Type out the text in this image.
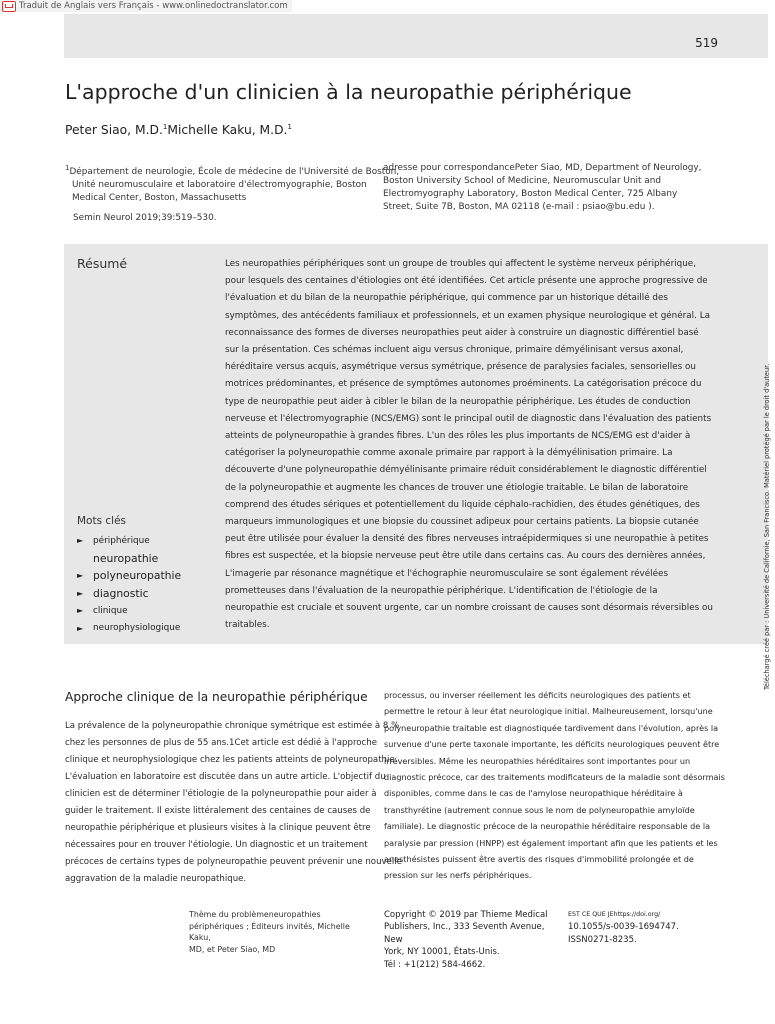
Traduit de Anglais vers Français - www.onlinedoctranslator.com
519
L'approche d'un clinicien à la neuropathie périphérique
Peter Siao, M.D.$^1$Michelle Kaku, M.D.$^1$
$^1$Département de neurologie, École de médecine de l'Université de Boston,
Unité neuromusculaire et laboratoire d'électromyographie, Boston
Medical Center, Boston, Massachusetts
Semin Neurol 2019;39:519–530.
adresse pour correspondancePeter Siao, MD, Department of Neurology,
Boston University School of Medicine, Neuromuscular Unit and
Electromyography Laboratory, Boston Medical Center, 725 Albany
Street, Suite 7B, Boston, MA 02118 (e-mail : psiao@bu.edu ).
Résumé	Les neuropathies périphériques sont un groupe de troubles qui affectent le système nerveux périphérique,
pour lesquels des centaines d'étiologies ont été identifiées. Cet article présente une approche progressive de
l'évaluation et du bilan de la neuropathie périphérique, qui commence par un historique détaillé des
symptômes, des antécédents familiaux et professionnels, et un examen physique neurologique et général. La
reconnaissance des formes de diverses neuropathies peut aider à construire un diagnostic différentiel basé
sur la présentation. Ces schémas incluent aigu versus chronique, primaire démyélinisant versus axonal,
héréditaire versus acquis, asymétrique versus symétrique, présence de paralysies faciales, sensorielles ou
motrices prédominantes, et présence de symptômes autonomes proéminents. La catégorisation précoce du
type de neuropathie peut aider à cibler le bilan de la neuropathie périphérique. Les études de conduction
nerveuse et l'électromyographie (NCS/EMG) sont le principal outil de diagnostic dans l'évaluation des patients
atteints de polyneuropathie à grandes fibres. L'un des rôles les plus importants de NCS/EMG est d'aider à
catégoriser la polyneuropathie comme axonale primaire par rapport à la démyélinisation primaire. La
découverte d'une polyneuropathie démyélinisante primaire réduit considérablement le diagnostic différentiel
de la polyneuropathie et augmente les chances de trouver une étiologie traitable. Le bilan de laboratoire
comprend des études sériques et potentiellement du liquide céphalo-rachidien, des études génétiques, des
marqueurs immunologiques et une biopsie du coussinet adipeux pour certains patients. La biopsie cutanée
peut être utilisée pour évaluer la densité des fibres nerveuses intraépidermiques si une neuropathie à petites
fibres est suspectée, et la biopsie nerveuse peut être utile dans certains cas. Au cours des dernières années,
L'imagerie par résonance magnétique et l'échographie neuromusculaire se sont également révélées
prometteuses dans l'évaluation de la neuropathie périphérique. L'identification de l'étiologie de la
neuropathie est cruciale et souvent urgente, car un nombre croissant de causes sont désormais réversibles ou
traitables.
Mots clés
►	périphérique
neuropathie
► polyneuropathie
► diagnostic
►	clinique
►	neurophysiologique	Téléchargé créé par : Université de Californie, San Francisco. Matériel protégé par le droit d'auteur.
Approche clinique de la neuropathie périphérique
La prévalence de la polyneuropathie chronique symétrique est estimée à 8 %
chez les personnes de plus de 55 ans.1Cet article est dédié à l'approche
clinique et neurophysiologique chez les patients atteints de polyneuropathie.
L'évaluation en laboratoire est discutée dans un autre article. L'objectif du
clinicien est de déterminer l'étiologie de la polyneuropathie pour aider à
guider le traitement. Il existe littéralement des centaines de causes de
neuropathie périphérique et plusieurs visites à la clinique peuvent être
nécessaires pour en trouver l'étiologie. Un diagnostic et un traitement
précoces de certains types de polyneuropathie peuvent prévenir une nouvelle
aggravation de la maladie neuropathique.
processus, ou inverser réellement les déficits neurologiques des patients et
permettre le retour à leur état neurologique initial. Malheureusement, lorsqu'une
polyneuropathie traitable est diagnostiquée tardivement dans l'évolution, après la
survenue d'une perte taxonale importante, les déficits neurologiques peuvent être
irréversibles. Même les neuropathies héréditaires sont importantes pour un
diagnostic précoce, car des traitements modificateurs de la maladie sont désormais
disponibles, comme dans le cas de l'amylose neuropathique héréditaire à
transthyrétine (autrement connue sous le nom de polyneuropathie amyloïde
familiale). Le diagnostic précoce de la neuropathie héréditaire responsable de la
paralysie par pression (HNPP) est également important afin que les patients et les
anesthésistes puissent être avertis des risques d'immobilité prolongée et de
pression sur les nerfs périphériques.
Thème du problèmeneuropathies
périphériques ; Éditeurs invités, Michelle Kaku,
MD, et Peter Siao, MD
Copyright © 2019 par Thieme Medical
Publishers, Inc., 333 Seventh Avenue, New
York, NY 10001, États-Unis.
Tél : +1(212) 584-4662.
EST CE QUE JEhttps://doi.org/
10.1055/s-0039-1694747.
ISSN0271-8235.
